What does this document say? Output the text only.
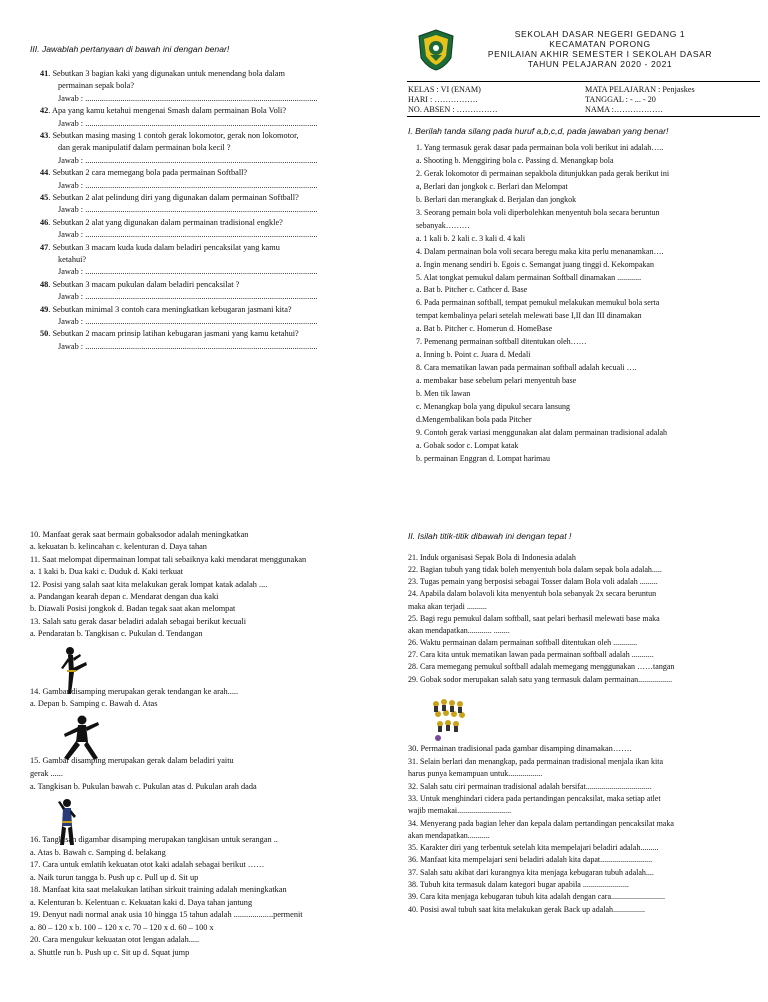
SEKOLAH DASAR NEGERI GEDANG 1
KECAMATAN PORONG
PENILAIAN AKHIR SEMESTER I SEKOLAH DASAR
TAHUN PELAJARAN 2020 - 2021
KELAS : VI (ENAM)
HARI : …………….
NO. ABSEN : ……………
MATA PELAJARAN : Penjaskes
TANGGAL : - ... - 20
NAMA :………………
III. Jawablah pertanyaan di bawah ini dengan benar!
41. Sebutkan 3 bagian kaki yang digunakan untuk menendang bola dalam
permainan sepak bola?
Jawab : ................................................................................................................
42. Apa yang kamu ketahui mengenai Smash dalam permainan Bola Voli?
Jawab : ................................................................................................................
43. Sebutkan masing masing 1 contoh gerak lokomotor, gerak non lokomotor,
dan gerak manipulatif dalam permainan bola kecil ?
Jawab : ................................................................................................................
44. Sebutkan 2 cara memegang bola pada permainan Softball?
Jawab : ................................................................................................................
45. Sebutkan 2 alat pelindung diri yang digunakan dalam permainan Softball?
Jawab : ................................................................................................................
46. Sebutkan 2 alat yang digunakan dalam permainan tradisional engkle?
Jawab : ................................................................................................................
47. Sebutkan 3 macam kuda kuda dalam beladiri pencaksilat yang kamu
ketahui?
Jawab : ................................................................................................................
48. Sebutkan 3 macam pukulan dalam beladiri pencaksilat ?
Jawab : ................................................................................................................
49. Sebutkan minimal 3 contoh cara meningkatkan kebugaran jasmani kita?
Jawab : ................................................................................................................
50. Sebutkan 2 macam prinsip latihan kebugaran jasmani yang kamu ketahui?
Jawab : ................................................................................................................
I. Berilah tanda silang pada huruf a,b,c,d, pada jawaban yang benar!
1. Yang termasuk gerak dasar pada permainan bola voli berikut ini adalah…..
a. Shooting b. Menggiring bola c. Passing d. Menangkap bola
2. Gerak lokomotor di permainan sepakbola ditunjukkan pada gerak berikut ini
a, Berlari dan jongkok c. Berlari dan Melompat
b. Berlari dan merangkak d. Berjalan dan jongkok
3. Seorang pemain bola voli diperbolehkan menyentuh bola secara beruntun
sebanyak………
a. 1 kali b. 2 kali c. 3 kali d. 4 kali
4. Dalam permainan bola voli secara beregu maka kita perlu menanamkan….
a. Ingin menang sendiri b. Egois c. Semangat juang tinggi d. Kekompakan
5. Alat tongkat pemukul dalam permainan Softball dinamakan ............
a. Bat b. Pitcher c. Cathcer d. Base
6. Pada permainan softball, tempat pemukul melakukan memukul bola serta
tempat kembalinya pelari setelah melewati base I,II dan III dinamakan
a. Bat b. Pitcher c. Homerun d. HomeBase
7. Pemenang permainan softball ditentukan oleh……
a. Inning b. Point c. Juara d. Medali
8. Cara mematikan lawan pada permainan softball adalah kecuali ….
a. membakar base sebelum pelari menyentuh base
b. Men tik lawan
c. Menangkap bola yang dipukul secara lansung
d.Mengembalikan bola pada Pitcher
9. Contoh gerak variasi menggunakan alat dalam permainan tradisional adalah
a. Gobak sodor c. Lompat katak
b. permainan Enggran d. Lompat harimau
10. Manfaat gerak saat bermain gobaksodor adalah meningkatkan
a. kekuatan b. kelincahan c. kelenturan d. Daya tahan
11. Saat melompat dipermainan lompat tali sebaiknya kaki mendarat menggunakan
a. 1 kaki b. Dua kaki c. Duduk d. Kaki terkuat
12. Posisi yang salah saat kita melakukan gerak lompat katak adalah ....
a. Pandangan kearah depan c. Mendarat dengan dua kaki
b. Diawali Posisi jongkok d. Badan tegak saat akan melompat
13. Salah satu gerak dasar beladiri adalah sebagai berikut kecuali
a. Pendaratan b. Tangkisan c. Pukulan d. Tendangan
14. Gambar disamping merupakan gerak tendangan ke arah.....
a. Depan b. Samping c. Bawah d. Atas
15. Gambar disamping merupakan gerak dalam beladiri yaitu
gerak ......
a. Tangkisan b. Pukulan bawah c. Pukulan atas d. Pukulan arah dada
16. Tangkisan digambar disamping merupakan tangkisan untuk serangan ..
a. Atas b. Bawah c. Samping d. belakang
17. Cara untuk emlatih kekuatan otot kaki adalah sebagai berikut ……
a. Naik turun tangga b. Push up c. Pull up d. Sit up
18. Manfaat kita saat melakukan latihan sirkuit training adalah meningkatkan
a. Kelenturan b. Kelentuan c. Kekuatan kaki d. Daya tahan jantung
19. Denyut nadi normal anak usia 10 hingga 15 tahun adalah ...................permenit
a. 80 – 120 x b. 100 – 120 x c. 70 – 120 x d. 60 – 100 x
20. Cara mengukur kekuatan otot lengan adalah.....
a. Shuttle run b. Push up c. Sit up d. Squat jump
II. Isilah titik-titik dibawah ini dengan tepat !
21. Induk organisasi Sepak Bola di Indonesia adalah
22. Bagian tubuh yang tidak boleh menyentuh bola dalam sepak bola adalah.....
23. Tugas pemain yang berposisi sebagai Tosser dalam Bola voli adalah .........
24. Apabila dalam bolavoli kita menyentuh bola sebanyak 2x secara beruntun
maka akan terjadi ..........
25. Bagi regu pemukul dalam softball, saat pelari berhasil melewati base maka
akan mendapatkan............ ........
26. Waktu permainan dalam permainan softball ditentukan oleh ............
27. Cara kita untuk mematikan lawan pada permainan softball adalah ...........
28. Cara memegang pemukul softball adalah memegang menggunakan ……tangan
29. Gobak sodor merupakan salah satu yang termasuk dalam permainan.................
30. Permainan tradisional pada gambar disamping dinamakan…….
31. Selain berlari dan menangkap, pada permainan tradisional menjala ikan kita
harus punya kemampuan untuk.................
32. Salah satu ciri permainan tradisional adalah bersifat.................................
33. Untuk menghindari cidera pada pertandingan pencaksilat, maka setiap atlet
wajib memakai...........................
34. Menyerang pada bagian leher dan kepala dalam pertandingan pencaksilat maka
akan mendapatkan...........
35. Karakter diri yang terbentuk setelah kita mempelajari beladiri adalah.........
36. Manfaat kita mempelajari seni beladiri adalah kita dapat..........................
37. Salah satu akibat dari kurangnya kita menjaga kebugaran tubuh adalah....
38. Tubuh kita termasuk dalam kategori bugar apabila .......................
39. Cara kita menjaga kebugaran tubuh kita adalah dengan cara...........................
40. Posisi awal tubuh saat kita melakukan gerak Back up adalah................
